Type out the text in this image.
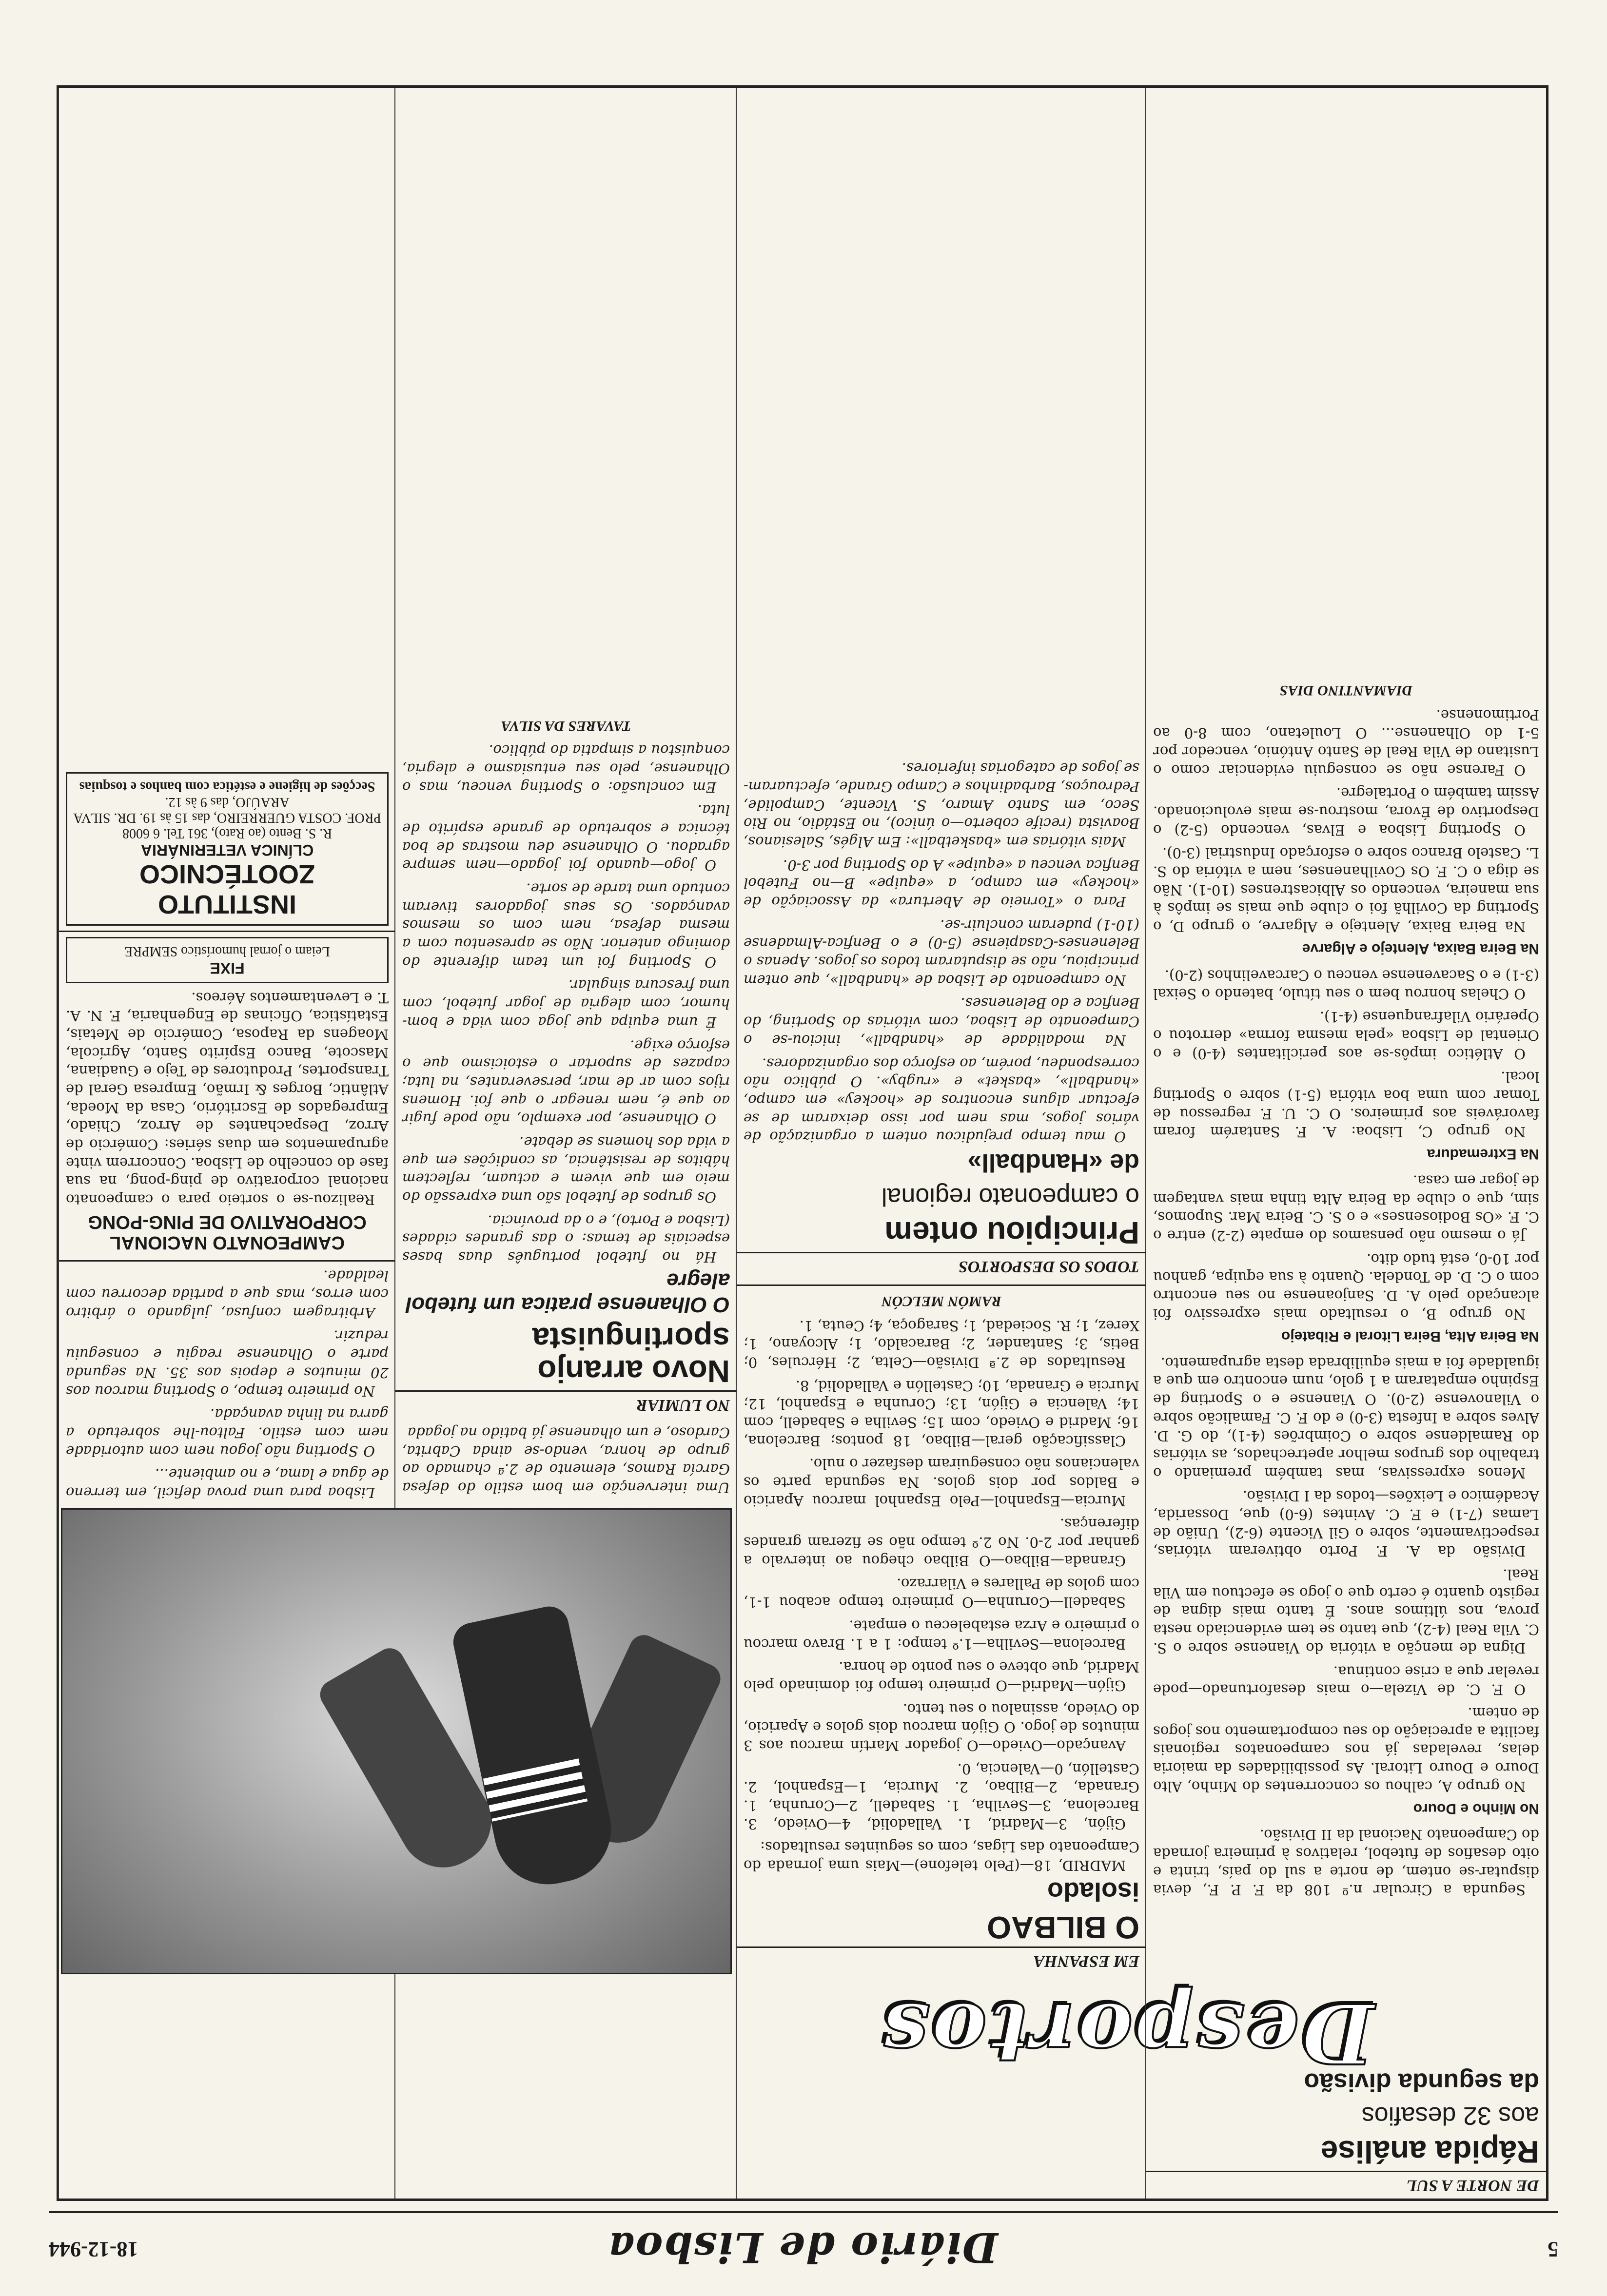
5
Diário de Lisboa
18-12-944
Desportos
DE NORTE A SUL
Rápida análise
aos 32 desafios
da segunda divisão

Segunda a Circular n.º 108 da F. P. F., devia disputar-se ontem, de norte a sul do país, trinta e oito desafios de futebol, relativos à primeira jornada do Campeonato Nacional da II Divisão.

No Minho e Douro

No grupo A, calhou os concorrentes do Minho, Alto Douro e Douro Litoral. As possibilidades da maioria delas, reveladas já nos campeonatos regionais facilita a apreciação do seu comportamento nos jogos de ontem.

O F. C. de Vizela—o mais desafortunado—pode revelar que a crise continua.

Digna de menção a vitória do Vianense sobre o S. C. Vila Real (4-2), que tanto se tem evidenciado nesta prova, nos últimos anos. É tanto mais digna de registo quanto é certo que o jogo se efectuou em Vila Real.

Divisão da A. F. Porto obtiveram vitórias, respectivamente, sobre o Gil Vicente (6-2), União de Lamas (7-1) e F. C. Avintes (6-0) que, Dossarida, Académico e Leixões—todos da I Divisão.

Menos expressivas, mas também premiando o trabalho dos grupos melhor apetrechados, as vitórias do Ramaldense sobre o Coimbrões (4-1), do G. D. Alves sobre a Infesta (3-0) e do F. C. Famalicão sobre o Vilanovense (2-0). O Vianense e o Sporting de Espinho empataram a 1 golo, num encontro em que a igualdade foi a mais equilibrada desta agrupamento.

Na Beira Alta, Beira Litoral e Ribatejo

No grupo B, o resultado mais expressivo foi alcançado pelo A. D. Sanjoanense no seu encontro com o C. D. de Tondela. Quanto à sua equipa, ganhou por 10-0, está tudo dito.

Já o mesmo não pensamos do empate (2-2) entre o C. F. «Os Bodiosenses» e o S. C. Beira Mar. Supomos, sim, que o clube da Beira Alta tinha mais vantagem de jogar em casa.

Na Extremadura

No grupo C, Lisboa: A. F. Santarém foram favoráveis aos primeiros. O C. U. F. regressou de Tomar com uma boa vitória (5-1) sobre o Sporting local.

O Atlético impôs-se aos periclitantes (4-0) e o Oriental de Lisboa «pela mesma forma» derrotou o Operário Vilafranquense (4-1).

O Chelas honrou bem o seu título, batendo o Seixal (3-1) e o Sacavenense venceu o Carcavelinhos (2-0).

Na Beira Baixa, Alentejo e Algarve

Na Beira Baixa, Alentejo e Algarve, o grupo D, o Sporting da Covilhã foi o clube que mais se impôs à sua maneira, vencendo os Albicastrenses (10-1). Não se diga o C. F. Os Covilhanenses, nem a vitória do S. L. Castelo Branco sobre o esforçado Industrial (3-0).

O Sporting Lisboa e Elvas, vencendo (5-2) o Desportivo de Évora, mostrou-se mais evolucionado. Assim também o Portalegre.

O Farense não se conseguiu evidenciar como o Lusitano de Vila Real de Santo António, vencedor por 5-1 do Olhanense... O Louletano, com 8-0 ao Portimonense.

DIAMANTINO DIAS
EM ESPANHA
O BILBAO
isolado

MADRID, 18—(Pelo telefone)—Mais uma jornada do Campeonato das Ligas, com os seguintes resultados:

Gijón, 3—Madrid, 1. Valladolid, 4—Oviedo, 3. Barcelona, 3—Sevilha, 1. Sabadell, 2—Corunha, 1. Granada, 2—Bilbao, 2. Murcia, 1—Espanhol, 2. Castellón, 0—Valencia, 0.

Avançado—Oviedo—O jogador Martín marcou aos 3 minutos de jogo. O Gijón marcou dois golos e Aparicio, do Oviedo, assinalou o seu tento.

Gijón—Madrid—O primeiro tempo foi dominado pelo Madrid, que obteve o seu ponto de honra.

Barcelona—Sevilha—1.º tempo: 1 a 1. Bravo marcou o primeiro e Arza estabeleceu o empate.

Sabadell—Corunha—O primeiro tempo acabou 1-1, com golos de Pallares e Vilarrazo.

Granada—Bilbao—O Bilbao chegou ao intervalo a ganhar por 2-0. No 2.º tempo não se fizeram grandes diferenças.

Murcia—Espanhol—Pelo Espanhol marcou Aparicio e Baldos por dois golos. Na segunda parte os valencianos não conseguiram desfazer o nulo.

Classificação geral—Bilbao, 18 pontos; Barcelona, 16; Madrid e Oviedo, com 15; Sevilha e Sabadell, com 14; Valencia e Gijón, 13; Corunha e Espanhol, 12; Murcia e Granada, 10; Castellón e Valladolid, 8.

Resultados de 2.ª Divisão—Celta, 2; Hércules, 0; Betis, 3; Santander, 2; Baracaldo, 1; Alcoyano, 1; Xerez, 1; R. Sociedad, 1; Saragoça, 4; Ceuta, 1.

RAMÓN MELCÓN
TODOS OS DESPORTOS
Principiou ontem
o campeonato regional
de «Handball»

O mau tempo prejudicou ontem a organização de vários jogos, mas nem por isso deixaram de se efectuar alguns encontros de «hockey» em campo, «handball», «basket» e «rugby». O público não correspondeu, porém, ao esforço dos organizadores.

Na modalidade de «handball», iniciou-se o Campeonato de Lisboa, com vitórias do Sporting, do Benfica e do Belenenses.

No campeonato de Lisboa de «handball», que ontem principiou, não se disputaram todos os jogos. Apenas o Belenenses-Casapiense (5-0) e o Benfica-Almadense (10-1) puderam concluir-se.

Para o «Torneio de Abertura» da Associação de «hockey» em campo, a «equipe» B—no Futebol Benfica venceu a «equipe» A do Sporting por 3-0.

Mais vitórias em «basketball»: Em Algés, Salesianos, Boavista (recife coberto—o único), no Estádio, no Rio Seco, em Santo Amaro, S. Vicente, Campolide, Pedrouços, Barbadinhos e Campo Grande, efectuaram-se jogos de categorias inferiores.

Uma intervenção em bom estilo do defesa García Ramos, elemento de 2.ª chamado ao grupo de honra, vendo-se ainda Cabrita, Cardoso, e um olhanense já batido na jogada
NO LUMIAR
Novo arranjo sportinguista
O Olhanense pratica um futebol alegre

Há no futebol português duas bases especiais de temas: o das grandes cidades (Lisboa e Porto), e o da província.

Os grupos de futebol são uma expressão do meio em que vivem e actuam, reflectem hábitos de resistência, as condições em que a vida dos homens se debate.

O Olhanense, por exemplo, não pode fugir ao que é, nem renegar o que foi. Homens rijos com ar de mar, perseverantes, na luta; capazes de suportar o estoicismo que o esforço exige.

É uma equipa que joga com vida e bom-humor, com alegria de jogar futebol, com uma frescura singular.

O Sporting foi um team diferente do domingo anterior. Não se apresentou com a mesma defesa, nem com os mesmos avançados. Os seus jogadores tiveram contudo uma tarde de sorte.

O jogo—quando foi jogado—nem sempre agradou. O Olhanense deu mostras de boa técnica e sobretudo de grande espírito de luta.

Em conclusão: o Sporting venceu, mas o Olhanense, pelo seu entusiasmo e alegria, conquistou a simpatia do público.

TAVARES DA SILVA

Lisboa para uma prova deficil, em terreno de água e lama, e no ambiente...

O Sporting não jogou nem com autoridade nem com estilo. Faltou-lhe sobretudo a garra na linha avançada.

No primeiro tempo, o Sporting marcou aos 20 minutos e depois aos 35. Na segunda parte o Olhanense reagiu e conseguiu reduzir.

Arbitragem confusa, julgando o árbitro com erros, mas que a partida decorreu com lealdade.

CAMPEONATO NACIONAL CORPORATIVO DE PING-PONG

Realizou-se o sorteio para o campeonato nacional corporativo de ping-pong, na sua fase do concelho de Lisboa. Concorrem vinte agrupamentos em duas séries: Comércio de Arroz, Despachantes de Arroz, Chiado, Empregados de Escritório, Casa da Moeda, Atlântic, Borges & Irmão, Empresa Geral de Transportes, Produtores de Tejo e Guadiana, Mascote, Banco Espírito Santo, Agrícola, Moagens da Raposa, Comércio de Metais, Estatística, Oficinas de Engenharia, F. N. A. T. e Leventamentos Aéreos.

FIXE
Leiam o jornal humorístico SEMPRE
INSTITUTO ZOOTÉCNICO
CLÍNICA VETERINÁRIA
R. S. Bento (ao Rato), 361 Tel. 6 6008
PROF. COSTA GUERREIRO, das 15 às 19. DR. SILVA ARAÚJO, das 9 às 12.
Secções de higiene e estética com banhos e tosquias
